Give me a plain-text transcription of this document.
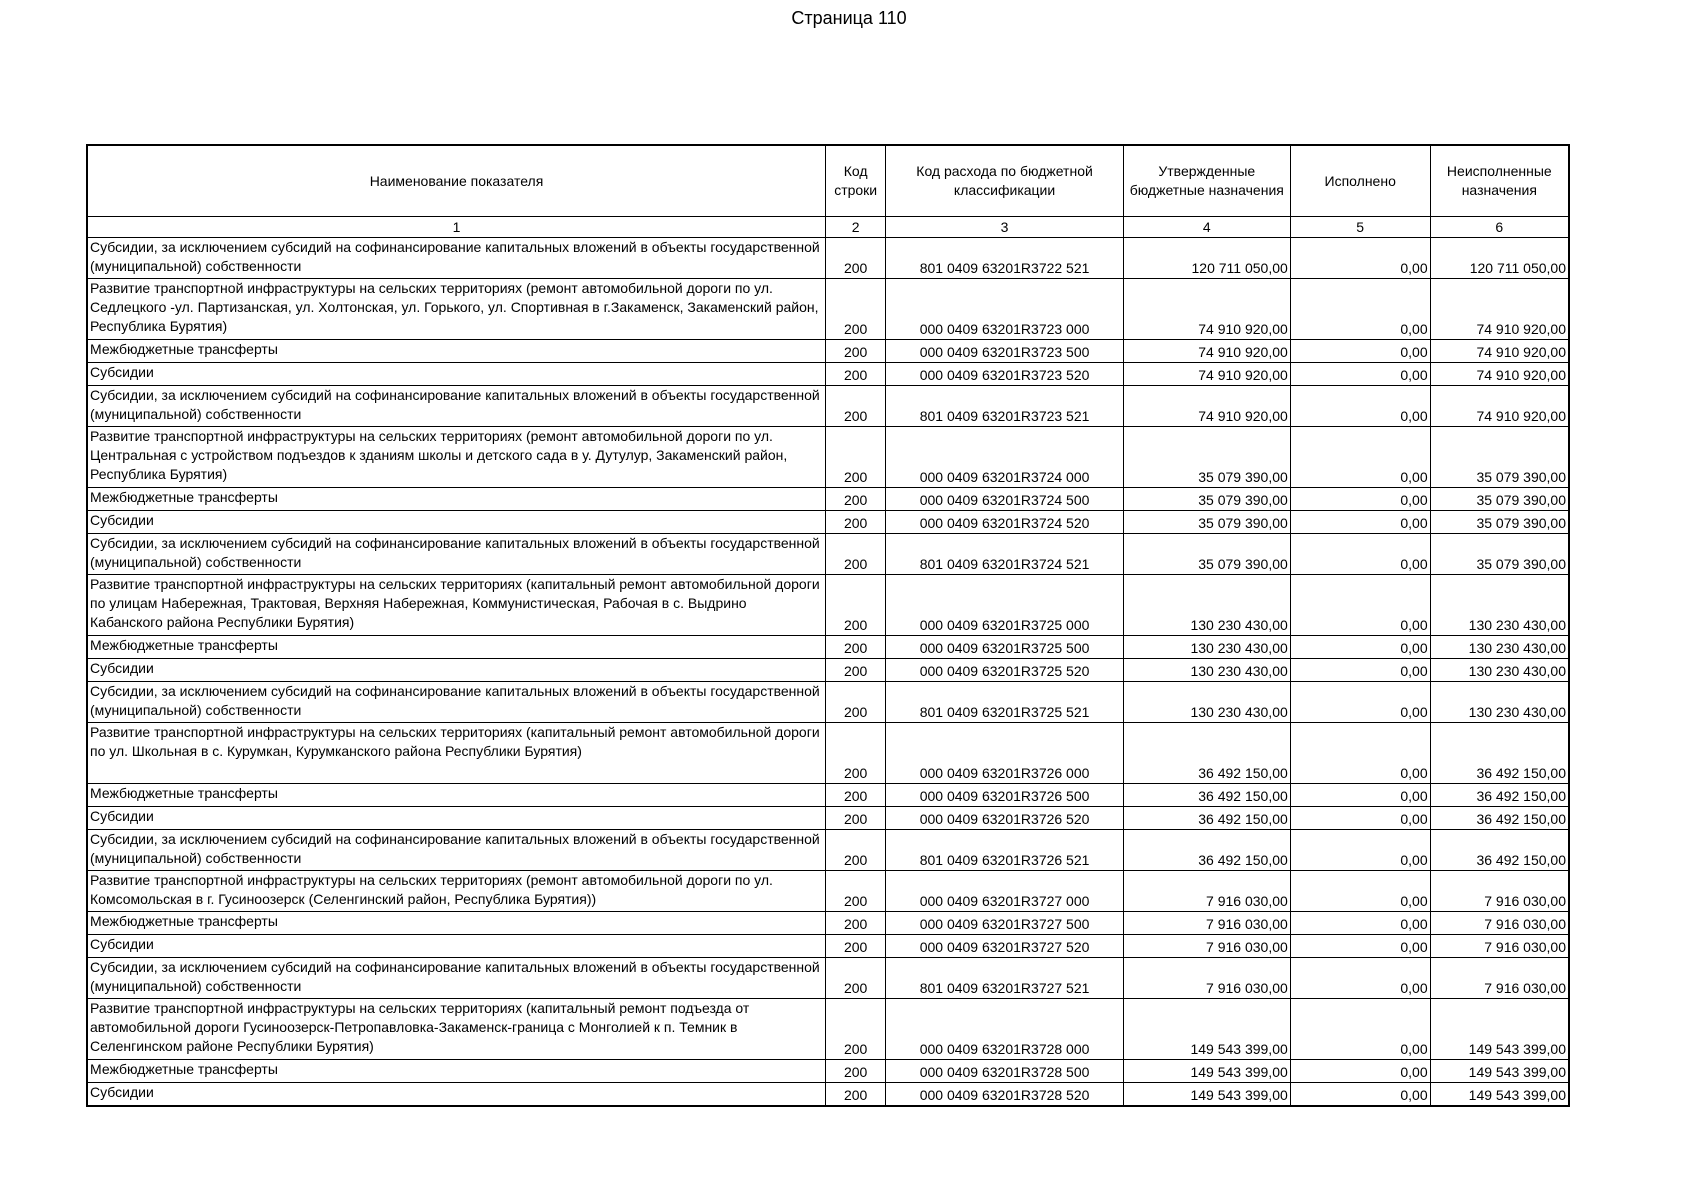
Страница 110
Наименование показателя	Код строки	Код расхода по бюджетной классификации	Утвержденные бюджетные назначения	Исполнено	Неисполненные назначения
1	2	3	4	5	6
Субсидии, за исключением субсидий на софинансирование капитальных вложений в объекты государственной (муниципальной) собственности	200	801 0409 63201R3722 521	120 711 050,00	0,00	120 711 050,00
Развитие транспортной инфраструктуры на сельских территориях (ремонт автомобильной дороги по ул. Седлецкого -ул. Партизанская, ул. Холтонская, ул. Горького, ул. Спортивная в г.Закаменск, Закаменский район, Республика Бурятия)	200	000 0409 63201R3723 000	74 910 920,00	0,00	74 910 920,00
Межбюджетные трансферты	200	000 0409 63201R3723 500	74 910 920,00	0,00	74 910 920,00
Субсидии	200	000 0409 63201R3723 520	74 910 920,00	0,00	74 910 920,00
Субсидии, за исключением субсидий на софинансирование капитальных вложений в объекты государственной (муниципальной) собственности	200	801 0409 63201R3723 521	74 910 920,00	0,00	74 910 920,00
Развитие транспортной инфраструктуры на сельских территориях (ремонт автомобильной дороги по ул. Центральная с устройством подъездов к зданиям школы и детского сада в у. Дутулур, Закаменский район, Республика Бурятия)	200	000 0409 63201R3724 000	35 079 390,00	0,00	35 079 390,00
Межбюджетные трансферты	200	000 0409 63201R3724 500	35 079 390,00	0,00	35 079 390,00
Субсидии	200	000 0409 63201R3724 520	35 079 390,00	0,00	35 079 390,00
Субсидии, за исключением субсидий на софинансирование капитальных вложений в объекты государственной (муниципальной) собственности	200	801 0409 63201R3724 521	35 079 390,00	0,00	35 079 390,00
Развитие транспортной инфраструктуры на сельских территориях (капитальный ремонт автомобильной дороги по улицам Набережная, Трактовая, Верхняя Набережная, Коммунистическая, Рабочая в с. Выдрино Кабанского района Республики Бурятия)	200	000 0409 63201R3725 000	130 230 430,00	0,00	130 230 430,00
Межбюджетные трансферты	200	000 0409 63201R3725 500	130 230 430,00	0,00	130 230 430,00
Субсидии	200	000 0409 63201R3725 520	130 230 430,00	0,00	130 230 430,00
Субсидии, за исключением субсидий на софинансирование капитальных вложений в объекты государственной (муниципальной) собственности	200	801 0409 63201R3725 521	130 230 430,00	0,00	130 230 430,00
Развитие транспортной инфраструктуры на сельских территориях (капитальный ремонт автомобильной дороги по ул. Школьная в с. Курумкан, Курумканского района Республики Бурятия)	200	000 0409 63201R3726 000	36 492 150,00	0,00	36 492 150,00
Межбюджетные трансферты	200	000 0409 63201R3726 500	36 492 150,00	0,00	36 492 150,00
Субсидии	200	000 0409 63201R3726 520	36 492 150,00	0,00	36 492 150,00
Субсидии, за исключением субсидий на софинансирование капитальных вложений в объекты государственной (муниципальной) собственности	200	801 0409 63201R3726 521	36 492 150,00	0,00	36 492 150,00
Развитие транспортной инфраструктуры на сельских территориях (ремонт автомобильной дороги по ул. Комсомольская в г. Гусиноозерск (Селенгинский район, Республика Бурятия))	200	000 0409 63201R3727 000	7 916 030,00	0,00	7 916 030,00
Межбюджетные трансферты	200	000 0409 63201R3727 500	7 916 030,00	0,00	7 916 030,00
Субсидии	200	000 0409 63201R3727 520	7 916 030,00	0,00	7 916 030,00
Субсидии, за исключением субсидий на софинансирование капитальных вложений в объекты государственной (муниципальной) собственности	200	801 0409 63201R3727 521	7 916 030,00	0,00	7 916 030,00
Развитие транспортной инфраструктуры на сельских территориях (капитальный ремонт подъезда от автомобильной дороги Гусиноозерск-Петропавловка-Закаменск-граница с Монголией к п. Темник в Селенгинском районе Республики Бурятия)	200	000 0409 63201R3728 000	149 543 399,00	0,00	149 543 399,00
Межбюджетные трансферты	200	000 0409 63201R3728 500	149 543 399,00	0,00	149 543 399,00
Субсидии	200	000 0409 63201R3728 520	149 543 399,00	0,00	149 543 399,00
